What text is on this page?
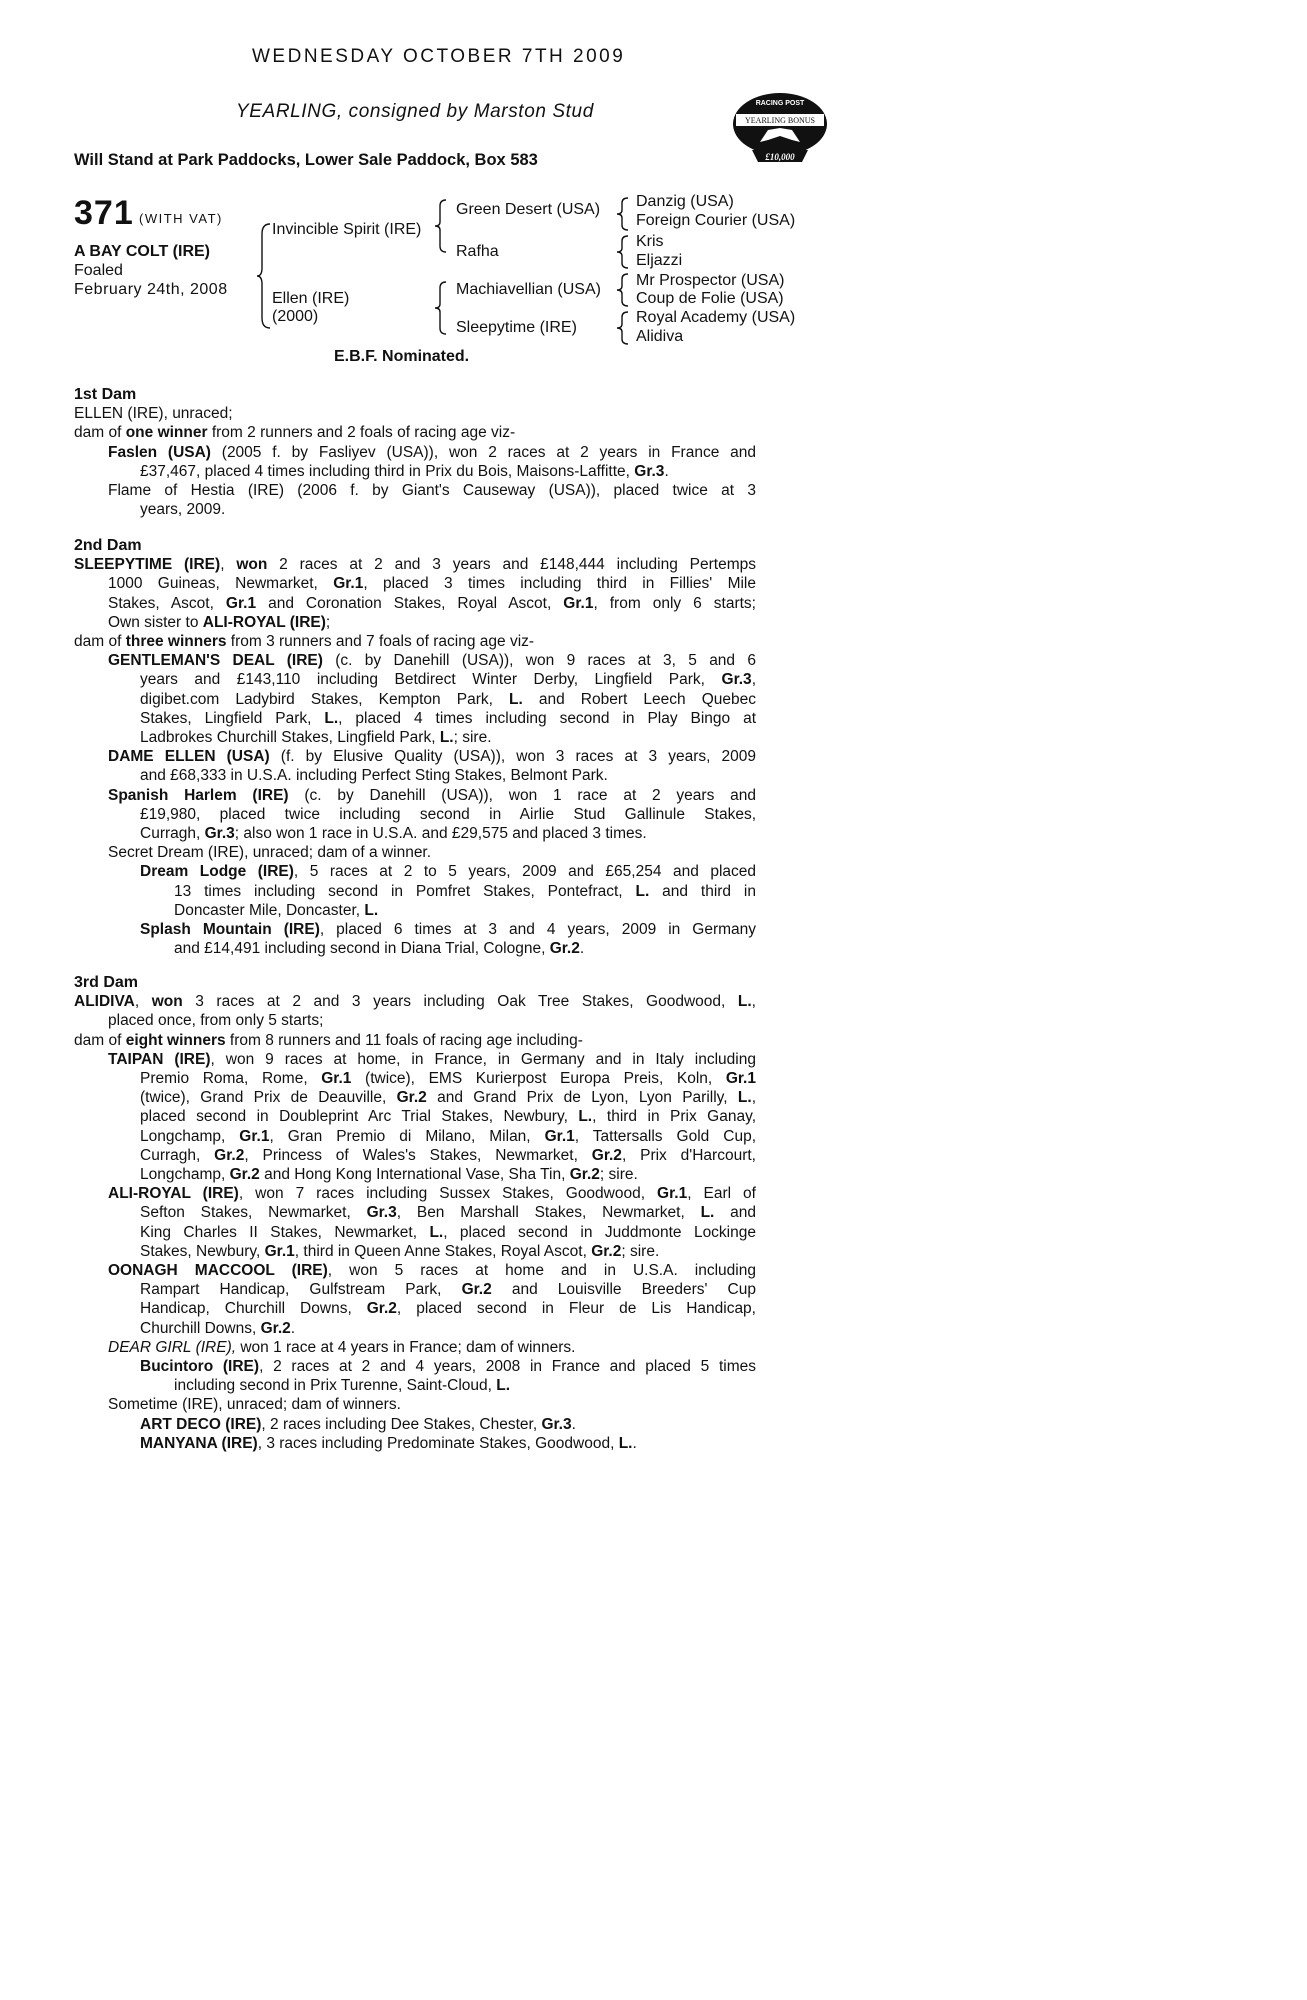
WEDNESDAY OCTOBER 7TH 2009
YEARLING, consigned by Marston Stud
Will Stand at Park Paddocks, Lower Sale Paddock, Box 583
RACING POST
YEARLING BONUS
£10,000
371 (WITH VAT)
A BAY COLT (IRE)
Foaled
February 24th, 2008
Invincible Spirit (IRE)
Ellen (IRE)
(2000)
Green Desert (USA)
Rafha
Machiavellian (USA)
Sleepytime (IRE)
Danzig (USA)
Foreign Courier (USA)
Kris
Eljazzi
Mr Prospector (USA)
Coup de Folie (USA)
Royal Academy (USA)
Alidiva
E.B.F. Nominated.
1st Dam
ELLEN (IRE), unraced;
dam of one winner from 2 runners and 2 foals of racing age viz-
Faslen (USA) (2005 f. by Fasliyev (USA)), won 2 races at 2 years in France and
£37,467, placed 4 times including third in Prix du Bois, Maisons-Laffitte, Gr.3.
Flame of Hestia (IRE) (2006 f. by Giant's Causeway (USA)), placed twice at 3
years, 2009.
2nd Dam
SLEEPYTIME (IRE), won 2 races at 2 and 3 years and £148,444 including Pertemps
1000 Guineas, Newmarket, Gr.1, placed 3 times including third in Fillies' Mile
Stakes, Ascot, Gr.1 and Coronation Stakes, Royal Ascot, Gr.1, from only 6 starts;
Own sister to ALI-ROYAL (IRE);
dam of three winners from 3 runners and 7 foals of racing age viz-
GENTLEMAN'S DEAL (IRE) (c. by Danehill (USA)), won 9 races at 3, 5 and 6
years and £143,110 including Betdirect Winter Derby, Lingfield Park, Gr.3,
digibet.com Ladybird Stakes, Kempton Park, L. and Robert Leech Quebec
Stakes, Lingfield Park, L., placed 4 times including second in Play Bingo at
Ladbrokes Churchill Stakes, Lingfield Park, L.; sire.
DAME ELLEN (USA) (f. by Elusive Quality (USA)), won 3 races at 3 years, 2009
and £68,333 in U.S.A. including Perfect Sting Stakes, Belmont Park.
Spanish Harlem (IRE) (c. by Danehill (USA)), won 1 race at 2 years and
£19,980, placed twice including second in Airlie Stud Gallinule Stakes,
Curragh, Gr.3; also won 1 race in U.S.A. and £29,575 and placed 3 times.
Secret Dream (IRE), unraced; dam of a winner.
Dream Lodge (IRE), 5 races at 2 to 5 years, 2009 and £65,254 and placed
13 times including second in Pomfret Stakes, Pontefract, L. and third in
Doncaster Mile, Doncaster, L.
Splash Mountain (IRE), placed 6 times at 3 and 4 years, 2009 in Germany
and £14,491 including second in Diana Trial, Cologne, Gr.2.
3rd Dam
ALIDIVA, won 3 races at 2 and 3 years including Oak Tree Stakes, Goodwood, L.,
placed once, from only 5 starts;
dam of eight winners from 8 runners and 11 foals of racing age including-
TAIPAN (IRE), won 9 races at home, in France, in Germany and in Italy including
Premio Roma, Rome, Gr.1 (twice), EMS Kurierpost Europa Preis, Koln, Gr.1
(twice), Grand Prix de Deauville, Gr.2 and Grand Prix de Lyon, Lyon Parilly, L.,
placed second in Doubleprint Arc Trial Stakes, Newbury, L., third in Prix Ganay,
Longchamp, Gr.1, Gran Premio di Milano, Milan, Gr.1, Tattersalls Gold Cup,
Curragh, Gr.2, Princess of Wales's Stakes, Newmarket, Gr.2, Prix d'Harcourt,
Longchamp, Gr.2 and Hong Kong International Vase, Sha Tin, Gr.2; sire.
ALI-ROYAL (IRE), won 7 races including Sussex Stakes, Goodwood, Gr.1, Earl of
Sefton Stakes, Newmarket, Gr.3, Ben Marshall Stakes, Newmarket, L. and
King Charles II Stakes, Newmarket, L., placed second in Juddmonte Lockinge
Stakes, Newbury, Gr.1, third in Queen Anne Stakes, Royal Ascot, Gr.2; sire.
OONAGH MACCOOL (IRE), won 5 races at home and in U.S.A. including
Rampart Handicap, Gulfstream Park, Gr.2 and Louisville Breeders' Cup
Handicap, Churchill Downs, Gr.2, placed second in Fleur de Lis Handicap,
Churchill Downs, Gr.2.
DEAR GIRL (IRE), won 1 race at 4 years in France; dam of winners.
Bucintoro (IRE), 2 races at 2 and 4 years, 2008 in France and placed 5 times
including second in Prix Turenne, Saint-Cloud, L.
Sometime (IRE), unraced; dam of winners.
ART DECO (IRE), 2 races including Dee Stakes, Chester, Gr.3.
MANYANA (IRE), 3 races including Predominate Stakes, Goodwood, L..
